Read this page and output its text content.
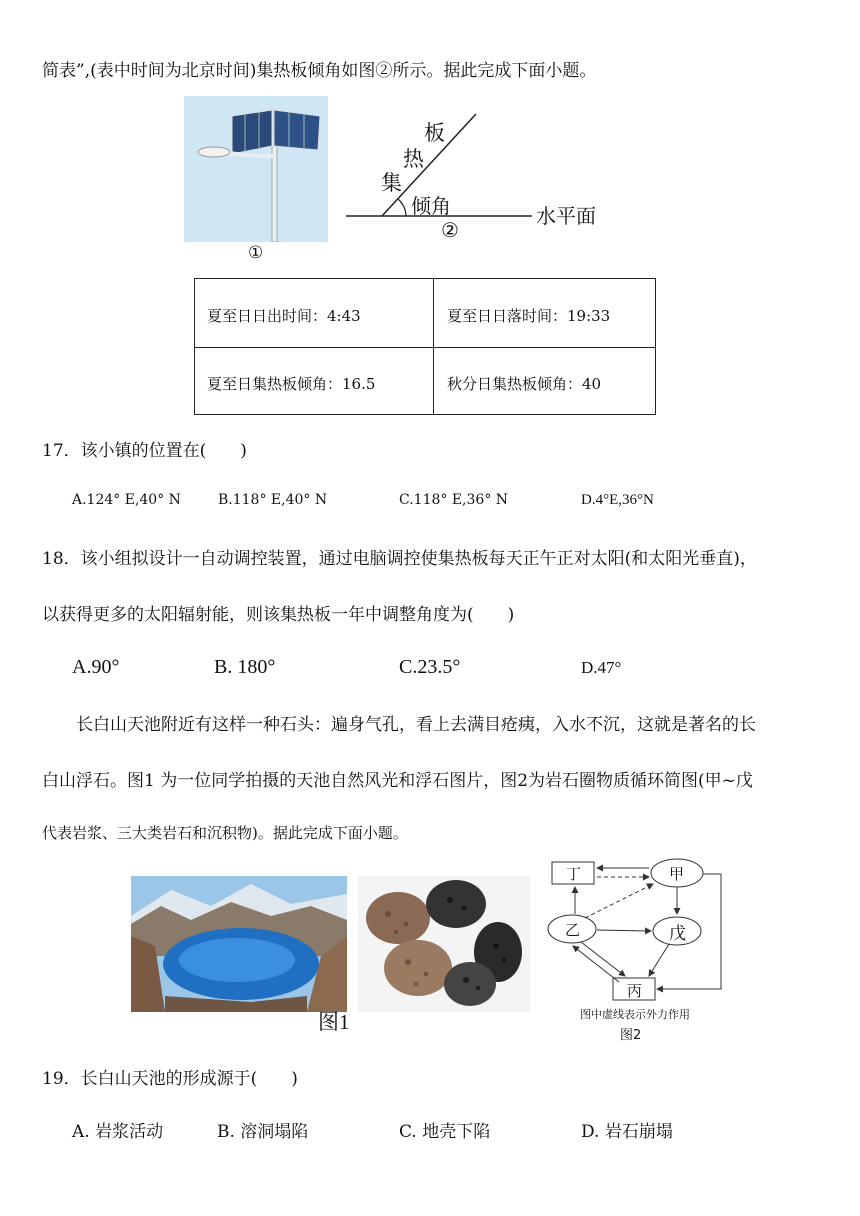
简表”,(表中时间为北京时间)集热板倾角如图②所示。据此完成下面小题。
①
板
热
集
倾角	水平面
②
夏至日日出时间：4:43	夏至日日落时间：19:33
夏至日集热板倾角：16.5	秋分日集热板倾角：40
17．该小镇的位置在(　　)
A.124° E,40° N	B.118° E,40° N	C.118° E,36° N	D.4°E,36°N
18．该小组拟设计一自动调控装置，通过电脑调控使集热板每天正午正对太阳(和太阳光垂直)，
以获得更多的太阳辐射能，则该集热板一年中调整角度为(　　)
A.90°	B. 180°	C.23.5°	D.47°
长白山天池附近有这样一种石头：遍身气孔，看上去满目疮痍，入水不沉，这就是著名的长
白山浮石。图1 为一位同学拍摄的天池自然风光和浮石图片，图2为岩石圈物质循环简图(甲~戊
代表岩浆、三大类岩石和沉积物)。据此完成下面小题。
图1
丁	甲
乙	戊
丙
图中虚线表示外力作用
图2
19．长白山天池的形成源于(　　)
A. 岩浆活动	B. 溶洞塌陷	C. 地壳下陷	D. 岩石崩塌
